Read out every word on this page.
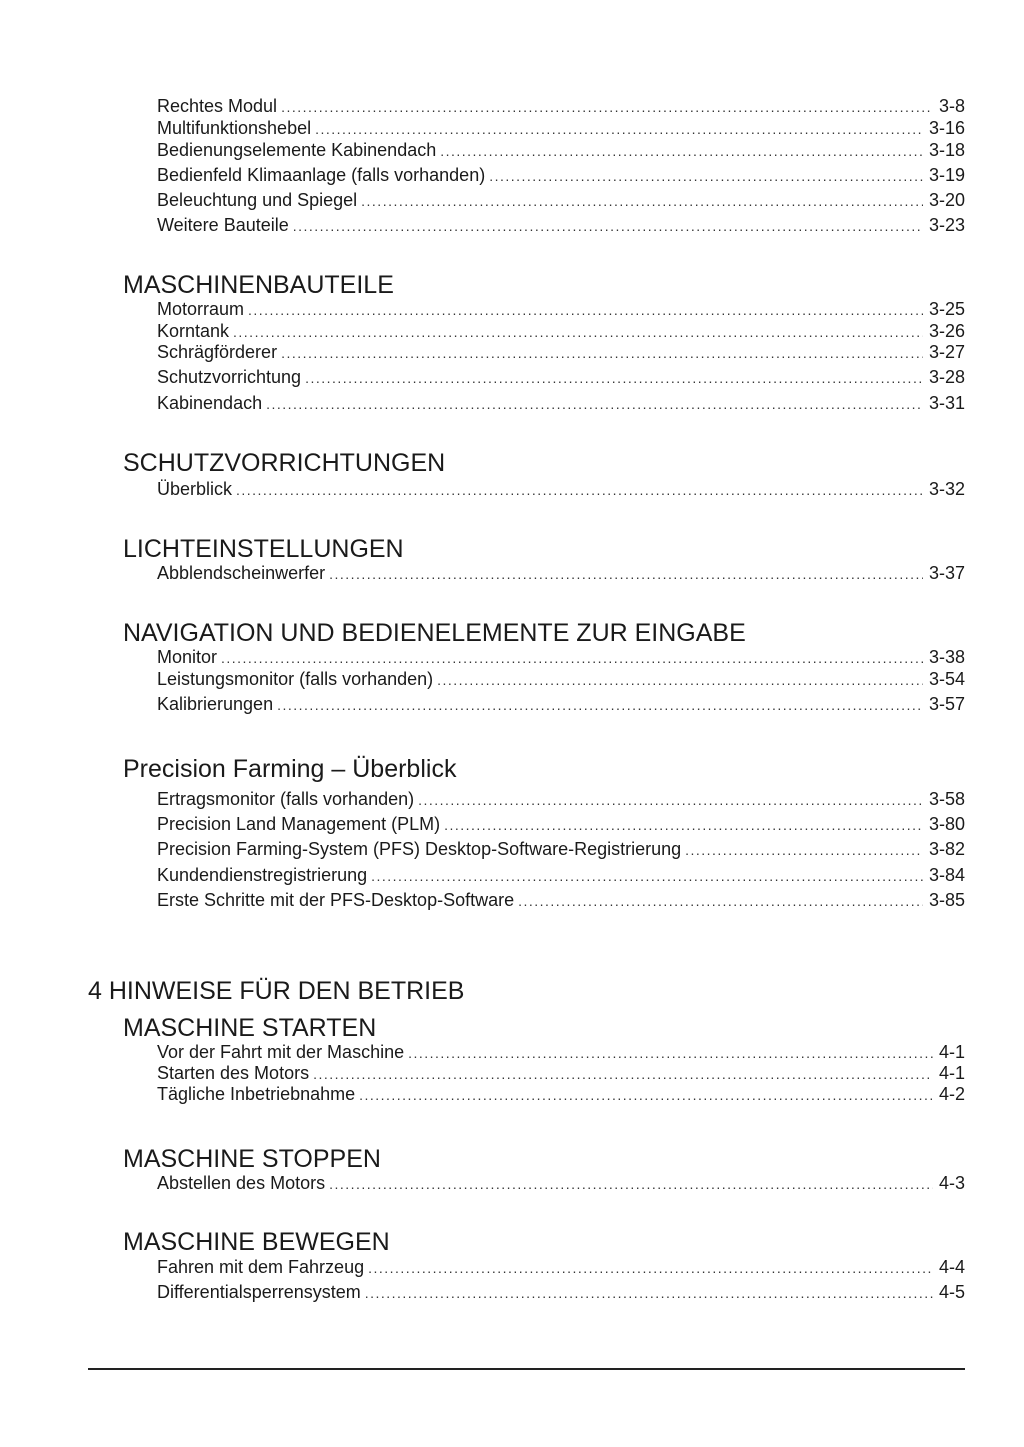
Rechtes Modul . . .	3-8
Multifunktionshebel . . .	3-16
Bedienungselemente Kabinendach . . .	3-18
Bedienfeld Klimaanlage (falls vorhanden) . . .	3-19
Beleuchtung und Spiegel . . .	3-20
Weitere Bauteile . . .	3-23
MASCHINENBAUTEILE
Motorraum . . .	3-25
Korntank . . .	3-26
Schrägförderer . . .	3-27
Schutzvorrichtung . . .	3-28
Kabinendach . . .	3-31
SCHUTZVORRICHTUNGEN
Überblick . . .	3-32
LICHTEINSTELLUNGEN
Abblendscheinwerfer . . .	3-37
NAVIGATION UND BEDIENELEMENTE ZUR EINGABE
Monitor . . .	3-38
Leistungsmonitor (falls vorhanden) . . .	3-54
Kalibrierungen . . .	3-57
Precision Farming – Überblick
Ertragsmonitor (falls vorhanden) . . .	3-58
Precision Land Management (PLM) . . .	3-80
Precision Farming-System (PFS) Desktop-Software-Registrierung . . .	3-82
Kundendienstregistrierung . . .	3-84
Erste Schritte mit der PFS-Desktop-Software . . .	3-85
4 HINWEISE FÜR DEN BETRIEB
MASCHINE STARTEN
Vor der Fahrt mit der Maschine . . .	4-1
Starten des Motors . . .	4-1
Tägliche Inbetriebnahme . . .	4-2
MASCHINE STOPPEN
Abstellen des Motors . . .	4-3
MASCHINE BEWEGEN
Fahren mit dem Fahrzeug . . .	4-4
Differentialsperrensystem . . .	4-5
